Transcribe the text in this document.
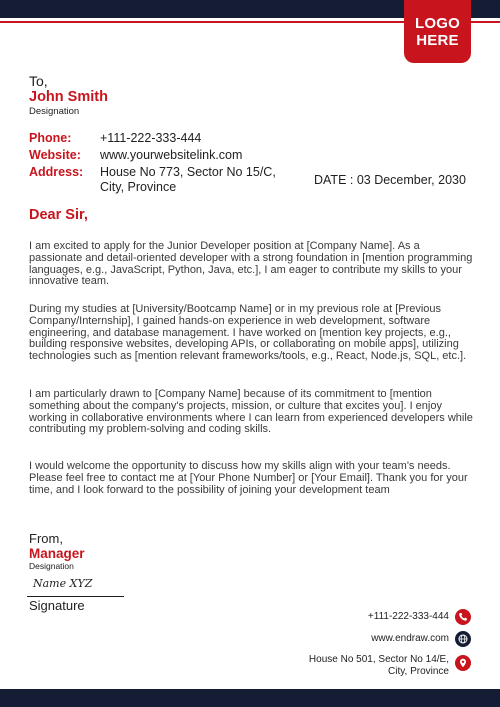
LOGO HERE
To,
John Smith
Designation
Phone: +111-222-333-444
Website: www.yourwebsitelink.com
Address: House No 773, Sector No 15/C,
City, Province	DATE : 03 December, 2030
Dear Sir,

I am excited to apply for the Junior Developer position at [Company Name]. As a passionate and detail-oriented developer with a strong foundation in [mention programming languages, e.g., JavaScript, Python, Java, etc.], I am eager to contribute my skills to your innovative team.

During my studies at [University/Bootcamp Name] or in my previous role at [Previous Company/Internship], I gained hands-on experience in web development, software engineering, and database management. I have worked on [mention key projects, e.g., building responsive websites, developing APIs, or collaborating on mobile apps], utilizing technologies such as [mention relevant frameworks/tools, e.g., React, Node.js, SQL, etc.].

I am particularly drawn to [Company Name] because of its commitment to [mention something about the company's projects, mission, or culture that excites you]. I enjoy working in collaborative environments where I can learn from experienced developers while contributing my problem-solving and coding skills.

I would welcome the opportunity to discuss how my skills align with your team's needs. Please feel free to contact me at [Your Phone Number] or [Your Email]. Thank you for your time, and I look forward to the possibility of joining your development team

From,
Manager
Designation
Name XYZ
Signature
+111-222-333-444
www.endraw.com
House No 501, Sector No 14/E,
City, Province
